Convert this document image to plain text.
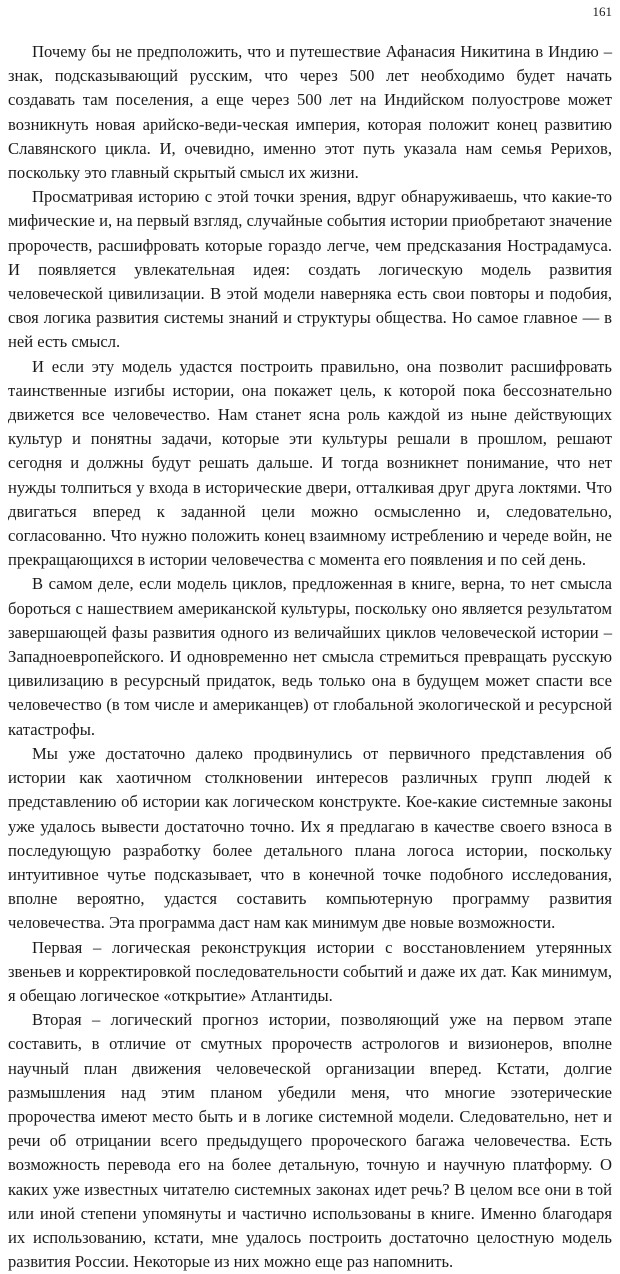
161

Почему бы не предположить, что и путешествие Афанасия Никитина в Индию – знак, подсказывающий русским, что через 500 лет необходимо будет начать создавать там поселения, а еще через 500 лет на Индийском полуострове может возникнуть новая арийско-веди-ческая империя, которая положит конец развитию Славянского цикла. И, очевидно, именно этот путь указала нам семья Рерихов, поскольку это главный скрытый смысл их жизни.

Просматривая историю с этой точки зрения, вдруг обнаруживаешь, что какие-то мифические и, на первый взгляд, случайные события истории приобретают значение пророчеств, расшифровать которые гораздо легче, чем предсказания Нострадамуса. И появляется увлекательная идея: создать логическую модель развития человеческой цивилизации. В этой модели наверняка есть свои повторы и подобия, своя логика развития системы знаний и структуры общества. Но самое главное — в ней есть смысл.

И если эту модель удастся построить правильно, она позволит расшифровать таинственные изгибы истории, она покажет цель, к которой пока бессознательно движется все человечество. Нам станет ясна роль каждой из ныне действующих культур и понятны задачи, которые эти культуры решали в прошлом, решают сегодня и должны будут решать дальше. И тогда возникнет понимание, что нет нужды толпиться у входа в исторические двери, отталкивая друг друга локтями. Что двигаться вперед к заданной цели можно осмысленно и, следовательно, согласованно. Что нужно положить конец взаимному истреблению и череде войн, не прекращающихся в истории человечества с момента его появления и по сей день.

В самом деле, если модель циклов, предложенная в книге, верна, то нет смысла бороться с нашествием американской культуры, поскольку оно является результатом завершающей фазы развития одного из величайших циклов человеческой истории – Западноевропейского. И одновременно нет смысла стремиться превращать русскую цивилизацию в ресурсный придаток, ведь только она в будущем может спасти все человечество (в том числе и американцев) от глобальной экологической и ресурсной катастрофы.

Мы уже достаточно далеко продвинулись от первичного представления об истории как хаотичном столкновении интересов различных групп людей к представлению об истории как логическом конструкте. Кое-какие системные законы уже удалось вывести достаточно точно. Их я предлагаю в качестве своего взноса в последующую разработку более детального плана логоса истории, поскольку интуитивное чутье подсказывает, что в конечной точке подобного исследования, вполне вероятно, удастся составить компьютерную программу развития человечества. Эта программа даст нам как минимум две новые возможности.

Первая – логическая реконструкция истории с восстановлением утерянных звеньев и корректировкой последовательности событий и даже их дат. Как минимум, я обещаю логическое «открытие» Атлантиды.

Вторая – логический прогноз истории, позволяющий уже на первом этапе составить, в отличие от смутных пророчеств астрологов и визионеров, вполне научный план движения человеческой организации вперед. Кстати, долгие размышления над этим планом убедили меня, что многие эзотерические пророчества имеют место быть и в логике системной модели. Следовательно, нет и речи об отрицании всего предыдущего пророческого багажа человечества. Есть возможность перевода его на более детальную, точную и научную платформу. О каких уже известных читателю системных законах идет речь? В целом все они в той или иной степени упомянуты и частично использованы в книге. Именно благодаря их использованию, кстати, мне удалось построить достаточно целостную модель развития России. Некоторые из них можно еще раз напомнить.
